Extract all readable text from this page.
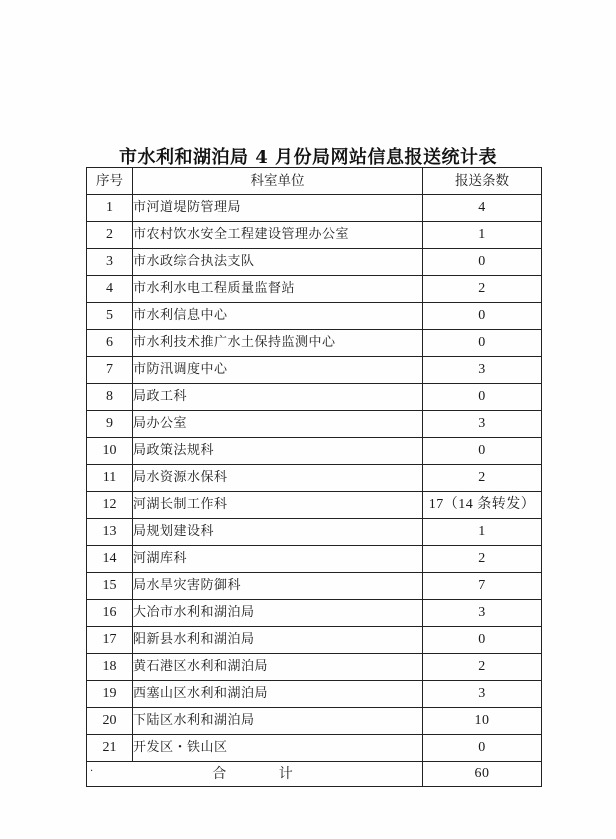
市水利和湖泊局 4 月份局网站信息报送统计表
序号	科室单位	报送条数
1	市河道堤防管理局	4
2	市农村饮水安全工程建设管理办公室	1
3	市水政综合执法支队	0
4	市水利水电工程质量监督站	2
5	市水利信息中心	0
6	市水利技术推广水土保持监测中心	0
7	市防汛调度中心	3
8	局政工科	0
9	局办公室	3
10	局政策法规科	0
11	局水资源水保科	2
12	河湖长制工作科	17（14 条转发）
13	局规划建设科	1
14	河湖库科	2
15	局水旱灾害防御科	7
16	大冶市水利和湖泊局	3
17	阳新县水利和湖泊局	0
18	黄石港区水利和湖泊局	2
19	西塞山区水利和湖泊局	3
20	下陆区水利和湖泊局	10
21	开发区・铁山区	0

. 合 计		60
